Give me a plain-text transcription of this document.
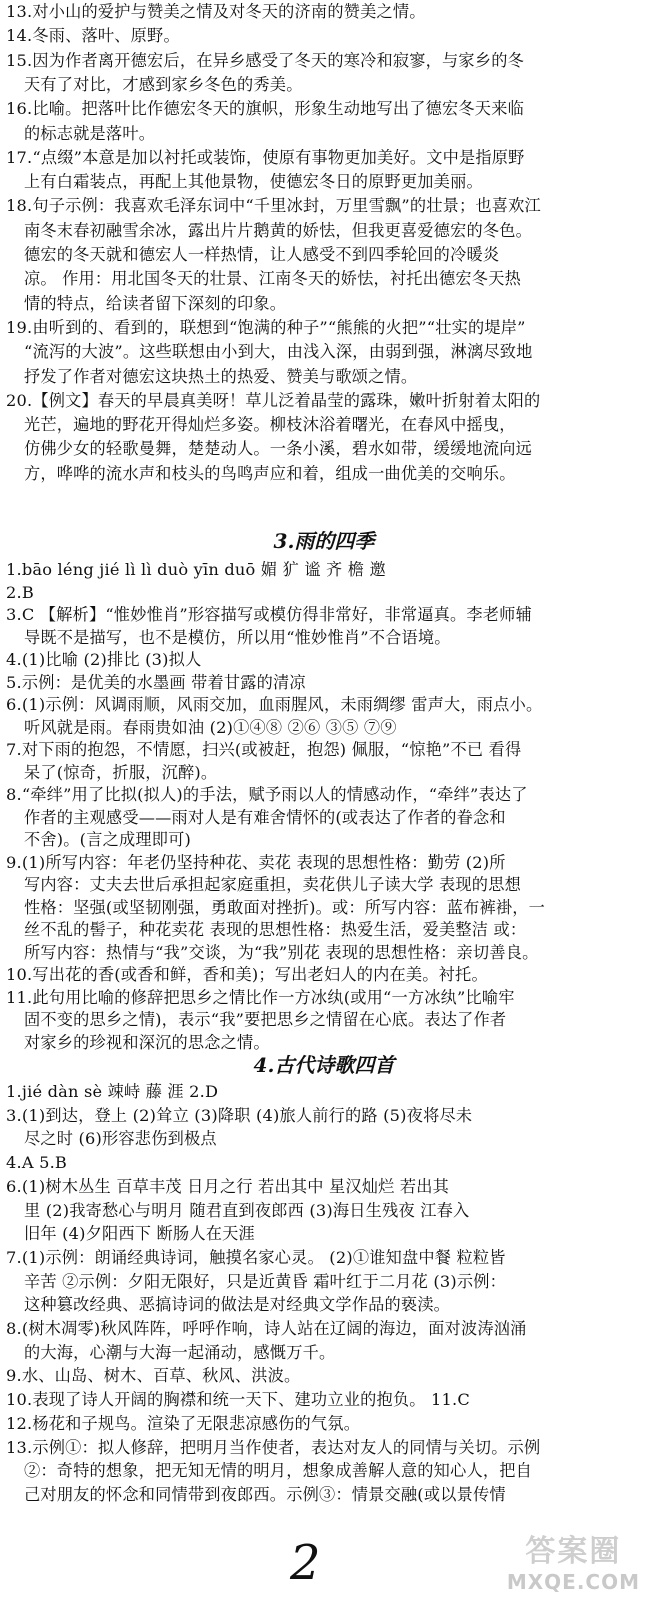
13.对小山的爱护与赞美之情及对冬天的济南的赞美之情。
14.冬雨、落叶、原野。
15.因为作者离开德宏后，在异乡感受了冬天的寒冷和寂寥，与家乡的冬
天有了对比，才感到家乡冬色的秀美。
16.比喻。把落叶比作德宏冬天的旗帜，形象生动地写出了德宏冬天来临
的标志就是落叶。
17.“点缀”本意是加以衬托或装饰，使原有事物更加美好。文中是指原野
上有白霜装点，再配上其他景物，使德宏冬日的原野更加美丽。
18.句子示例：我喜欢毛泽东词中“千里冰封，万里雪飘”的壮景；也喜欢江
南冬末春初融雪余冰，露出片片鹅黄的娇怯，但我更喜爱德宏的冬色。
德宏的冬天就和德宏人一样热情，让人感受不到四季轮回的冷暖炎
凉。 作用：用北国冬天的壮景、江南冬天的娇怯，衬托出德宏冬天热
情的特点，给读者留下深刻的印象。
19.由听到的、看到的，联想到“饱满的种子”“熊熊的火把”“壮实的堤岸”
“流泻的大波”。这些联想由小到大，由浅入深，由弱到强，淋漓尽致地
抒发了作者对德宏这块热土的热爱、赞美与歌颂之情。
20.【例文】春天的早晨真美呀！草儿泛着晶莹的露珠，嫩叶折射着太阳的
光芒，遍地的野花开得灿烂多姿。柳枝沐浴着曙光，在春风中摇曳，
仿佛少女的轻歌曼舞，楚楚动人。一条小溪，碧水如带，缓缓地流向远
方，哗哗的流水声和枝头的鸟鸣声应和着，组成一曲优美的交响乐。
3.雨的四季
1.bāo léng jié lì lì duò yīn duō 媚 犷 谧 齐 檐 邀
2.B
3.C 【解析】“惟妙惟肖”形容描写或模仿得非常好，非常逼真。李老师辅
导既不是描写，也不是模仿，所以用“惟妙惟肖”不合语境。
4.(1)比喻 (2)排比 (3)拟人
5.示例：是优美的水墨画 带着甘露的清凉
6.(1)示例：风调雨顺，风雨交加，血雨腥风，未雨绸缪 雷声大，雨点小。
听风就是雨。春雨贵如油 (2)①④⑧ ②⑥ ③⑤ ⑦⑨
7.对下雨的抱怨，不情愿，扫兴(或被赶，抱怨) 佩服，“惊艳”不已 看得
呆了(惊奇，折服，沉醉)。
8.“牵绊”用了比拟(拟人)的手法，赋予雨以人的情感动作，“牵绊”表达了
作者的主观感受——雨对人是有难舍情怀的(或表达了作者的眷念和
不舍)。(言之成理即可)
9.(1)所写内容：年老仍坚持种花、卖花 表现的思想性格：勤劳 (2)所
写内容：丈夫去世后承担起家庭重担，卖花供儿子读大学 表现的思想
性格：坚强(或坚韧刚强，勇敢面对挫折)。或：所写内容：蓝布裤褂，一
丝不乱的髻子，种花卖花 表现的思想性格：热爱生活，爱美整洁 或：
所写内容：热情与“我”交谈，为“我”别花 表现的思想性格：亲切善良。
10.写出花的香(或香和鲜，香和美)；写出老妇人的内在美。衬托。
11.此句用比喻的修辞把思乡之情比作一方冰纨(或用“一方冰纨”比喻牢
固不变的思乡之情)，表示“我”要把思乡之情留在心底。表达了作者
对家乡的珍视和深沉的思念之情。
4.古代诗歌四首
1.jié dàn sè 竦峙 藤 涯 2.D
3.(1)到达，登上 (2)耸立 (3)降职 (4)旅人前行的路 (5)夜将尽未
尽之时 (6)形容悲伤到极点
4.A 5.B
6.(1)树木丛生 百草丰茂 日月之行 若出其中 星汉灿烂 若出其
里 (2)我寄愁心与明月 随君直到夜郎西 (3)海日生残夜 江春入
旧年 (4)夕阳西下 断肠人在天涯
7.(1)示例：朗诵经典诗词，触摸名家心灵。 (2)①谁知盘中餐 粒粒皆
辛苦 ②示例：夕阳无限好，只是近黄昏 霜叶红于二月花 (3)示例：
这种篡改经典、恶搞诗词的做法是对经典文学作品的亵渎。
8.(树木凋零)秋风阵阵，呼呼作响，诗人站在辽阔的海边，面对波涛汹涌
的大海，心潮与大海一起涌动，感慨万千。
9.水、山岛、树木、百草、秋风、洪波。
10.表现了诗人开阔的胸襟和统一天下、建功立业的抱负。 11.C
12.杨花和子规鸟。渲染了无限悲凉感伤的气氛。
13.示例①：拟人修辞，把明月当作使者，表达对友人的同情与关切。示例
②：奇特的想象，把无知无情的明月，想象成善解人意的知心人，把自
己对朋友的怀念和同情带到夜郎西。示例③：情景交融(或以景传情
2	答案圈
MXQE.COM
